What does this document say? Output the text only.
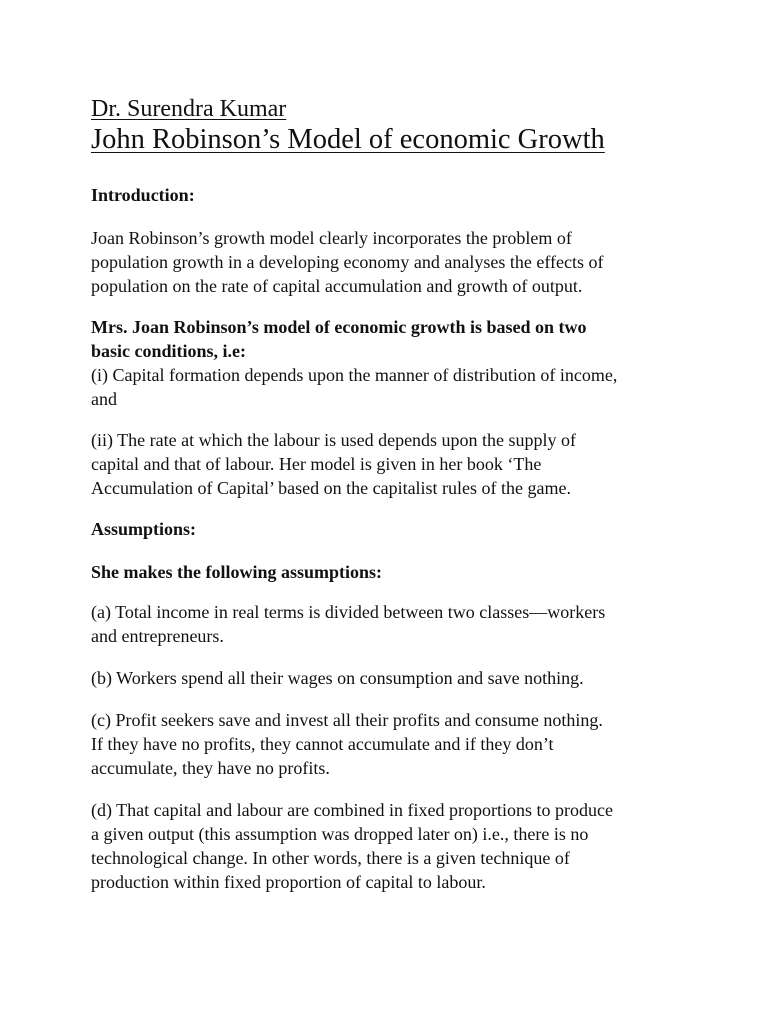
Dr. Surendra Kumar
John Robinson’s Model of economic Growth
Introduction:
Joan Robinson’s growth model clearly incorporates the problem of
population growth in a developing economy and analyses the effects of
population on the rate of capital accumulation and growth of output.
Mrs. Joan Robinson’s model of economic growth is based on two
basic conditions, i.e:
(i) Capital formation depends upon the manner of distribution of income,
and
(ii) The rate at which the labour is used depends upon the supply of
capital and that of labour. Her model is given in her book ‘The
Accumulation of Capital’ based on the capitalist rules of the game.
Assumptions:
She makes the following assumptions:
(a) Total income in real terms is divided between two classes—workers
and entrepreneurs.
(b) Workers spend all their wages on consumption and save nothing.
(c) Profit seekers save and invest all their profits and consume nothing.
If they have no profits, they cannot accumulate and if they don’t
accumulate, they have no profits.
(d) That capital and labour are combined in fixed proportions to produce
a given output (this assumption was dropped later on) i.e., there is no
technological change. In other words, there is a given technique of
production within fixed proportion of capital to labour.
